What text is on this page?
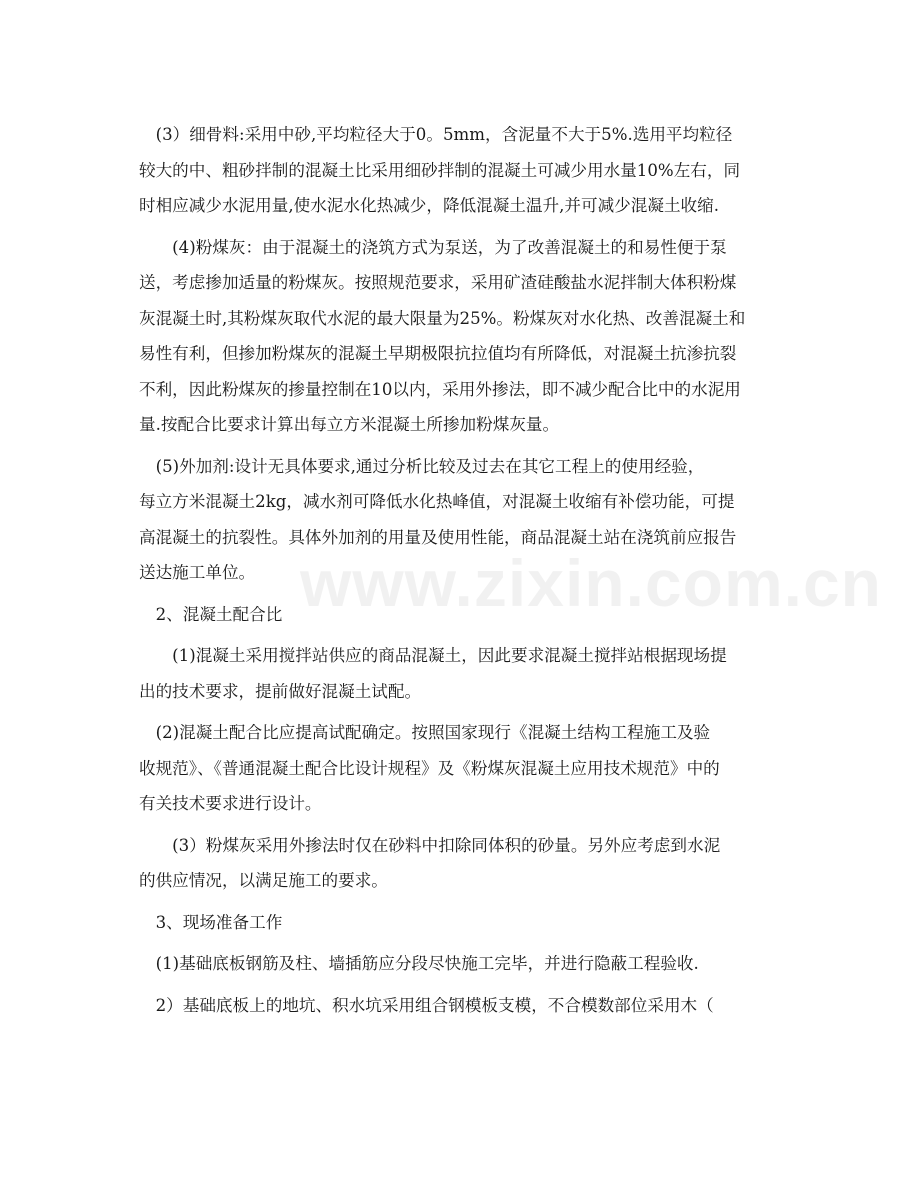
www.zixin.com.cn

　(3）细骨料:采用中砂,平均粒径大于0。5mm，含泥量不大于5%.选用平均粒径
较大的中、粗砂拌制的混凝土比采用细砂拌制的混凝土可减少用水量10%左右，同
时相应减少水泥用量,使水泥水化热减少，降低混凝土温升,并可减少混凝土收缩.

　　(4)粉煤灰：由于混凝土的浇筑方式为泵送，为了改善混凝土的和易性便于泵
送，考虑掺加适量的粉煤灰。按照规范要求，采用矿渣硅酸盐水泥拌制大体积粉煤
灰混凝土时,其粉煤灰取代水泥的最大限量为25%。粉煤灰对水化热、改善混凝土和
易性有利，但掺加粉煤灰的混凝土早期极限抗拉值均有所降低，对混凝土抗渗抗裂
不利，因此粉煤灰的掺量控制在10以内，采用外掺法，即不减少配合比中的水泥用
量.按配合比要求计算出每立方米混凝土所掺加粉煤灰量。

　(5)外加剂:设计无具体要求,通过分析比较及过去在其它工程上的使用经验，
每立方米混凝土2kg，减水剂可降低水化热峰值，对混凝土收缩有补偿功能，可提
高混凝土的抗裂性。具体外加剂的用量及使用性能，商品混凝土站在浇筑前应报告
送达施工单位。

　2、混凝土配合比

　　(1)混凝土采用搅拌站供应的商品混凝土，因此要求混凝土搅拌站根据现场提
出的技术要求，提前做好混凝土试配。

　(2)混凝土配合比应提高试配确定。按照国家现行《混凝土结构工程施工及验
收规范》、《普通混凝土配合比设计规程》及《粉煤灰混凝土应用技术规范》中的
有关技术要求进行设计。

　　(3）粉煤灰采用外掺法时仅在砂料中扣除同体积的砂量。另外应考虑到水泥
的供应情况，以满足施工的要求。

　3、现场准备工作

　(1)基础底板钢筋及柱、墙插筋应分段尽快施工完毕，并进行隐蔽工程验收.

　2）基础底板上的地坑、积水坑采用组合钢模板支模，不合模数部位采用木（
